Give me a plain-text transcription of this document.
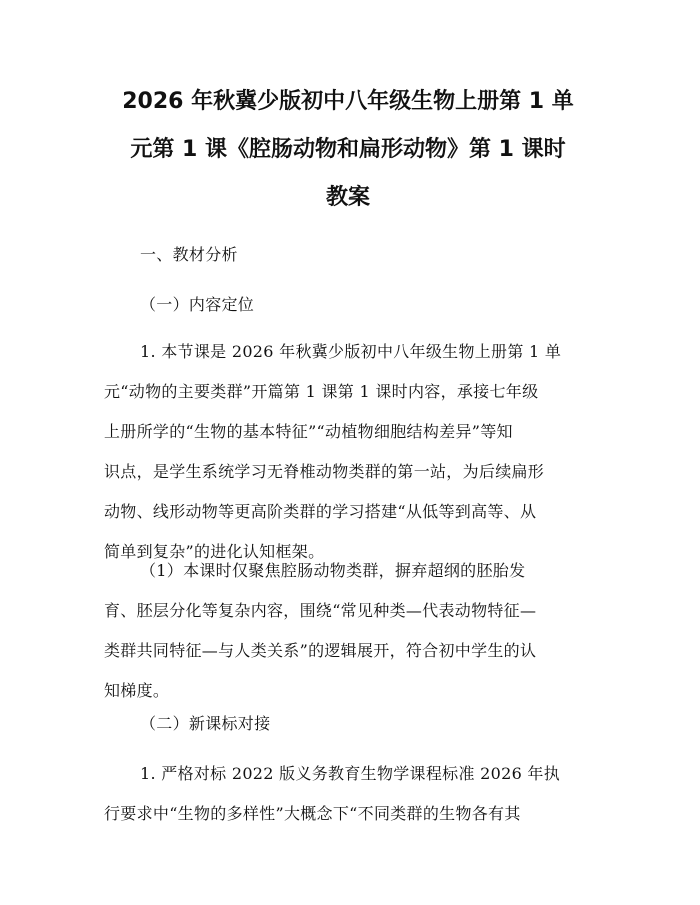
2026 年秋冀少版初中八年级生物上册第 1 单
元第 1 课《腔肠动物和扁形动物》第 1 课时
教案

一、教材分析

（一）内容定位

1. 本节课是 2026 年秋冀少版初中八年级生物上册第 1 单
元“动物的主要类群”开篇第 1 课第 1 课时内容，承接七年级
上册所学的“生物的基本特征”“动植物细胞结构差异”等知
识点，是学生系统学习无脊椎动物类群的第一站，为后续扁形
动物、线形动物等更高阶类群的学习搭建“从低等到高等、从
简单到复杂”的进化认知框架。
（1）本课时仅聚焦腔肠动物类群，摒弃超纲的胚胎发
育、胚层分化等复杂内容，围绕“常见种类—代表动物特征—
类群共同特征—与人类关系”的逻辑展开，符合初中学生的认
知梯度。

（二）新课标对接

1. 严格对标 2022 版义务教育生物学课程标准 2026 年执
行要求中“生物的多样性”大概念下“不同类群的生物各有其
